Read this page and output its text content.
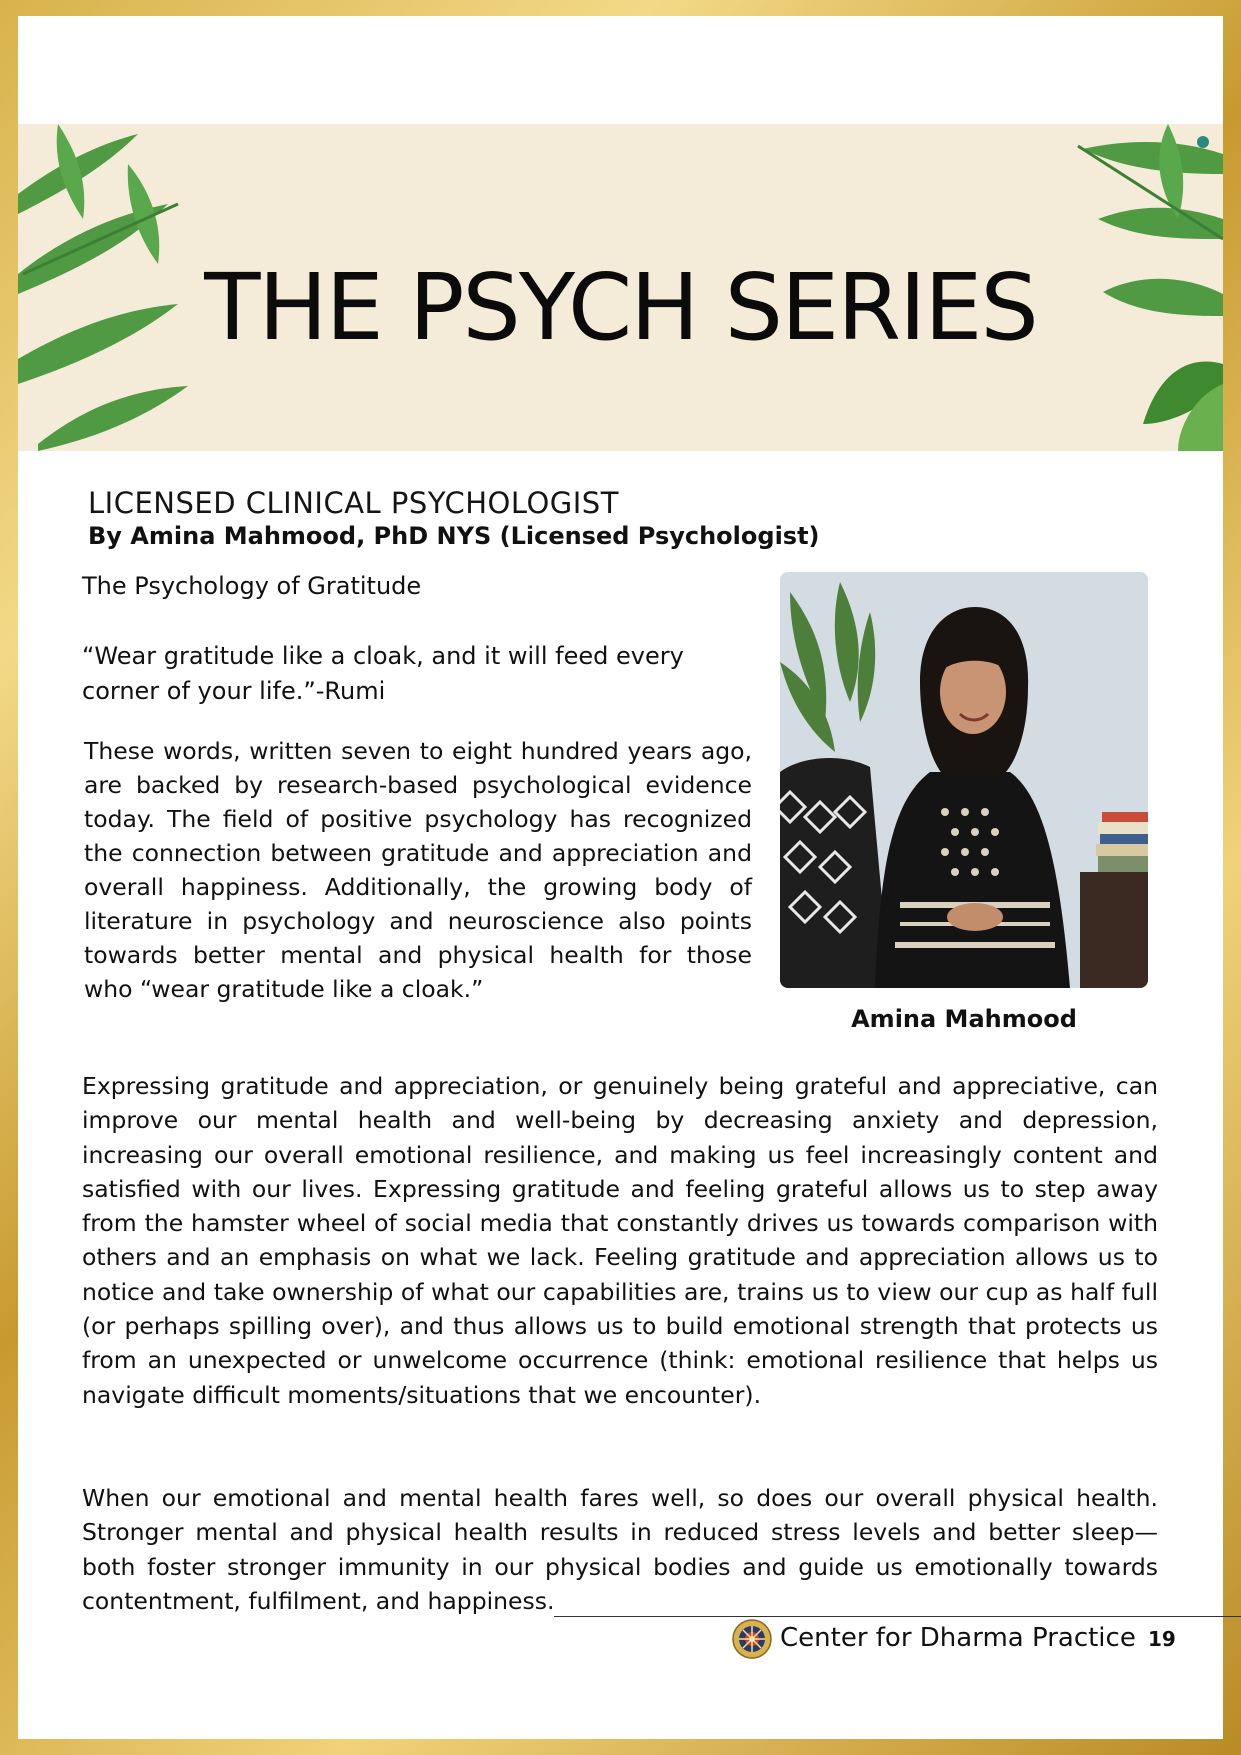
THE PSYCH SERIES
LICENSED CLINICAL PSYCHOLOGIST
By Amina Mahmood, PhD NYS (Licensed Psychologist)
The Psychology of Gratitude
“Wear gratitude like a cloak, and it will feed every corner of your life.”-Rumi
These words, written seven to eight hundred years ago, are backed by research-based psychological evidence today. The field of positive psychology has recognized the connection between gratitude and appreciation and overall happiness. Additionally, the growing body of literature in psychology and neuroscience also points towards better mental and physical health for those who “wear gratitude like a cloak.”
Amina Mahmood
Expressing gratitude and appreciation, or genuinely being grateful and appreciative, can improve our mental health and well-being by decreasing anxiety and depression, increasing our overall emotional resilience, and making us feel increasingly content and satisfied with our lives. Expressing gratitude and feeling grateful allows us to step away from the hamster wheel of social media that constantly drives us towards comparison with others and an emphasis on what we lack. Feeling gratitude and appreciation allows us to notice and take ownership of what our capabilities are, trains us to view our cup as half full (or perhaps spilling over), and thus allows us to build emotional strength that protects us from an unexpected or unwelcome occurrence (think: emotional resilience that helps us navigate difficult moments/situations that we encounter).
When our emotional and mental health fares well, so does our overall physical health. Stronger mental and physical health results in reduced stress levels and better sleep—both foster stronger immunity in our physical bodies and guide us emotionally towards contentment, fulfilment, and happiness.
Center for Dharma Practice 19
